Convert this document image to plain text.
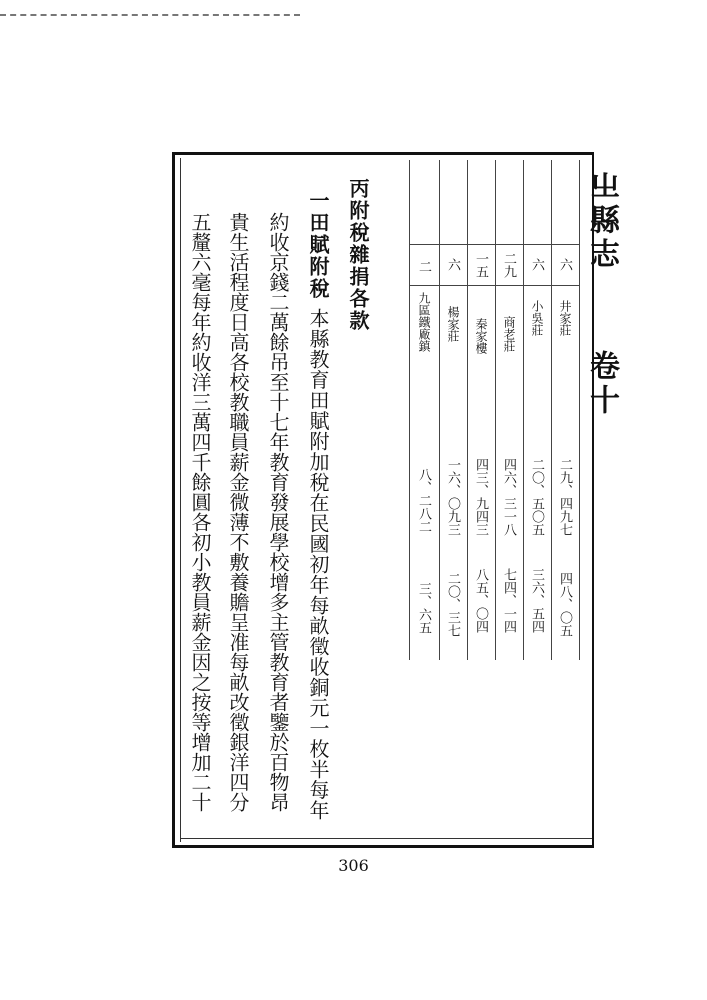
㞢縣志
卷十
六
井家莊
二九、四九七
四八、〇五
六
小吳莊
二〇、五〇五
三六、五四
二九
商老莊
四六、三一八
七四、一四
一五
秦家樓
四三、九四三
八五、〇四
六
楊家莊
一六、〇九三
二〇、三七
二
九區鐵廠鎮
八、二八二
三、六五
丙附稅雜捐各款
一田賦附稅
本縣教育田賦附加稅在民國初年每畝徵收銅元一枚半每年
約收京錢二萬餘吊至十七年教育發展學校增多主管教育者鑒於百物昂
貴生活程度日高各校教職員薪金微薄不敷養贍呈准每畝改徵銀洋四分
五釐六毫每年約收洋三萬四千餘圓各初小教員薪金因之按等增加二十
306
